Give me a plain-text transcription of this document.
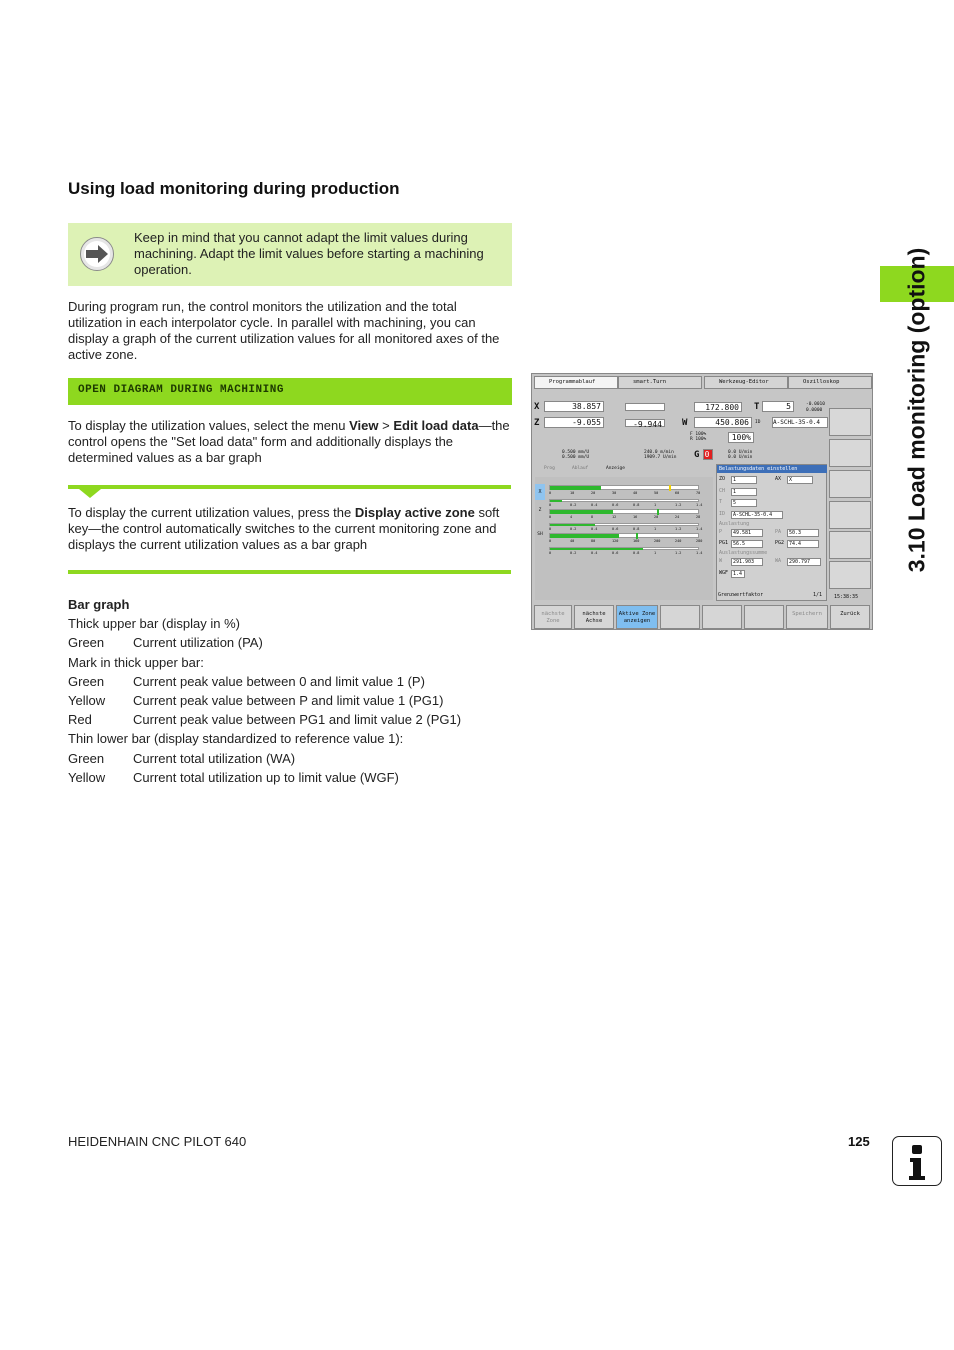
Using load monitoring during production
Keep in mind that you cannot adapt the limit values during machining. Adapt the limit values before starting a machining operation.
During program run, the control monitors the utilization and the total utilization in each interpolator cycle. In parallel with machining, you can display a graph of the current utilization values for all monitored axes of the active zone.
OPEN DIAGRAM DURING MACHINING
To display the utilization values, select the menu View > Edit load data—the control opens the "Set load data" form and additionally displays the determined values as a bar graph
To display the current utilization values, press the Display active zone soft key—the control automatically switches to the current monitoring zone and displays the current utilization values as a bar graph
Bar graph
Thick upper bar (display in %)
Green Current utilization (PA)
Mark in thick upper bar:
Green Current peak value between 0 and limit value 1 (P)
Yellow Current peak value between P and limit value 1 (PG1)
Red	Current peak value between PG1 and limit value 2 (PG1)
Thin lower bar (display standardized to reference value 1):
Green Current total utilization (WA)
Yellow Current total utilization up to limit value (WGF)
3.10 Load monitoring (option)
Programmablauf	smart.Turn	Werkzeug-Editor	Oszilloskop
X	38.857
Z	-9.055	-9.944
172.800	T	5	-0.0010
0.0000
W	450.806	ID A-SCHL-35-0.4
F 100%
R 100%	100%
0.500 mm/U
0.500 mm/U
240.0 m/min
1909.7 U/min
0.0 U/min
0.0 U/min
G 0
Prog	Ablauf	Anzeige
X
Z
SH
0	10	20	30	40	50	60	70
0	0.2	0.4	0.6	0.8	1	1.2	1.4
0	4	8	12	16	20	24	28
0	0.2	0.4	0.6	0.8	1	1.2	1.4
0	40	80	120	160	200	240	280
0	0.2	0.4	0.6	0.8	1	1.2	1.4
Belastungsdaten einstellen
ZO	1	AX	X
CH	1
T	5
ID	A-SCHL-35-0.4
Auslastung
P	49.581	PA	50.3
PG1 56.5	PG2 74.4
Auslastungssumme
W	291.903	WA	290.797
WGF 1.4
Grenzwertfaktor	1/1 15:38:35
nächste Zone
nächste Achse
Aktive Zone anzeigen
Speichern	Zurück
HEIDENHAIN CNC PILOT 640	125
